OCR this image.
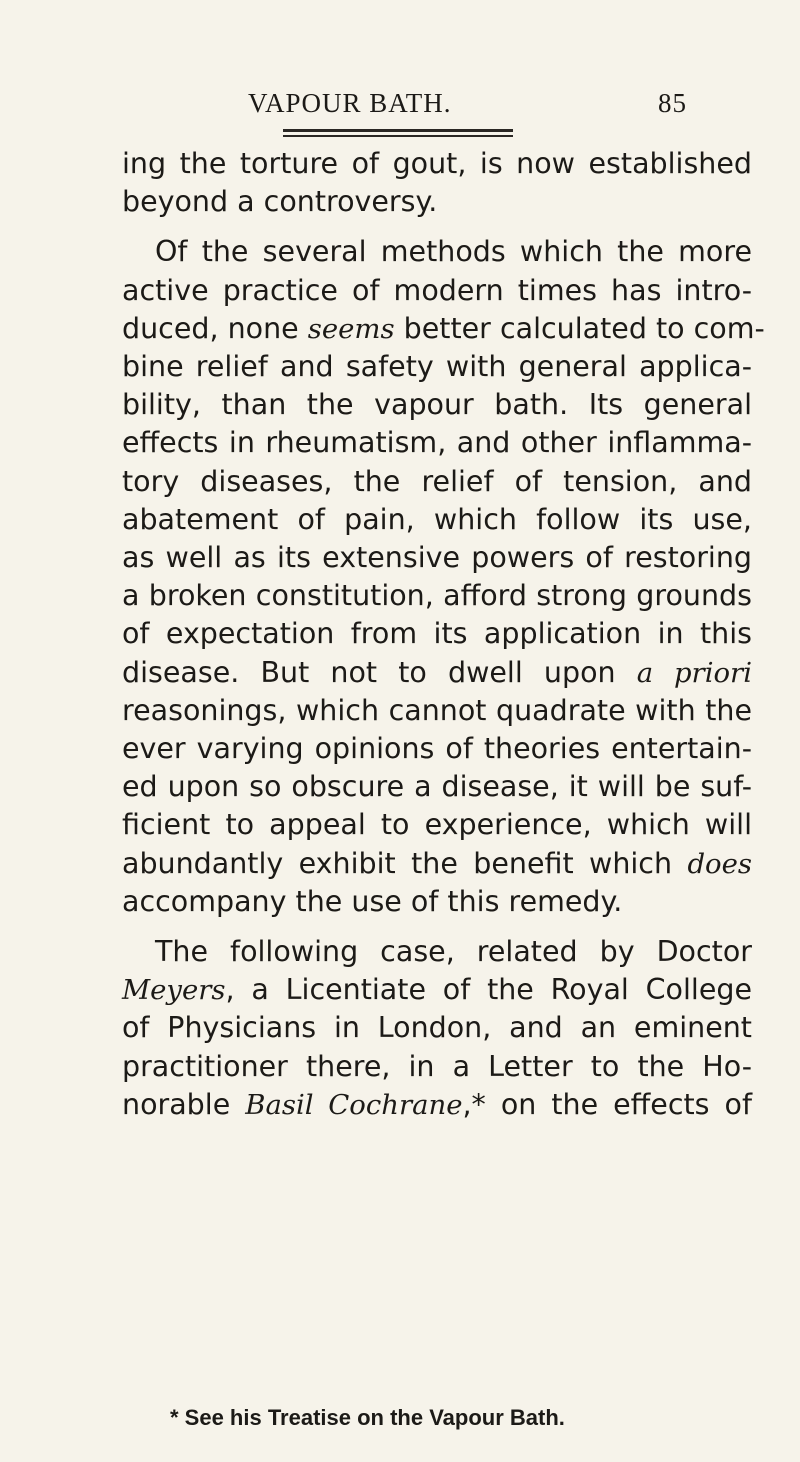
VAPOUR BATH.	85
ing the torture of gout, is now established
beyond a controversy.
Of the several methods which the more
active practice of modern times has intro-
duced, none seems better calculated to com-
bine relief and safety with general applica-
bility, than the vapour bath. Its general
effects in rheumatism, and other inflamma-
tory diseases, the relief of tension, and
abatement of pain, which follow its use,
as well as its extensive powers of restoring
a broken constitution, afford strong grounds
of expectation from its application in this
disease. But not to dwell upon a priori
reasonings, which cannot quadrate with the
ever varying opinions of theories entertain-
ed upon so obscure a disease, it will be suf-
ficient to appeal to experience, which will
abundantly exhibit the benefit which does
accompany the use of this remedy.
The following case, related by Doctor
Meyers, a Licentiate of the Royal College
of Physicians in London, and an eminent
practitioner there, in a Letter to the Ho-
norable Basil Cochrane,* on the effects of
* See his Treatise on the Vapour Bath.
